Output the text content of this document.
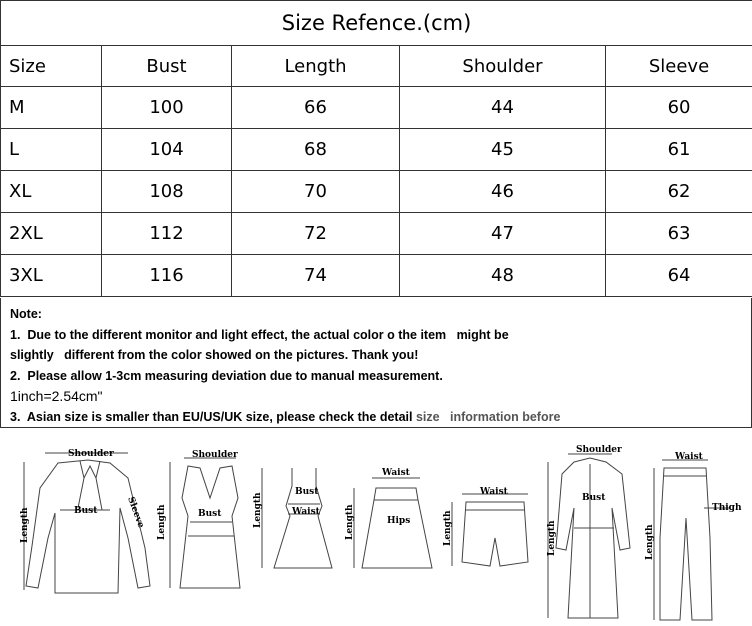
Size Refence.(cm)				
Size	Bust	Length	Shoulder	Sleeve
M	100	66	44	60
L	104	68	45	61
XL	108	70	46	62
2XL	112	72	47	63
3XL	116	74	48	64
Note:
1.  Due to the different monitor and light effect, the actual color o the item   might be
slightly   different from the color showed on the pictures. Thank you!
2.  Please allow 1-3cm measuring deviation due to manual measurement.
1inch=2.54cm"
3.  Asian size is smaller than EU/US/UK size, please check the detail size   information before
Shoulder
Bust
Length	Sleeve
Shoulder
Bust
Length
Bust
Waist
Length
Waist
Hips
Length
Waist
Length
Shoulder
Bust
Length
Waist
Thigh
Length
